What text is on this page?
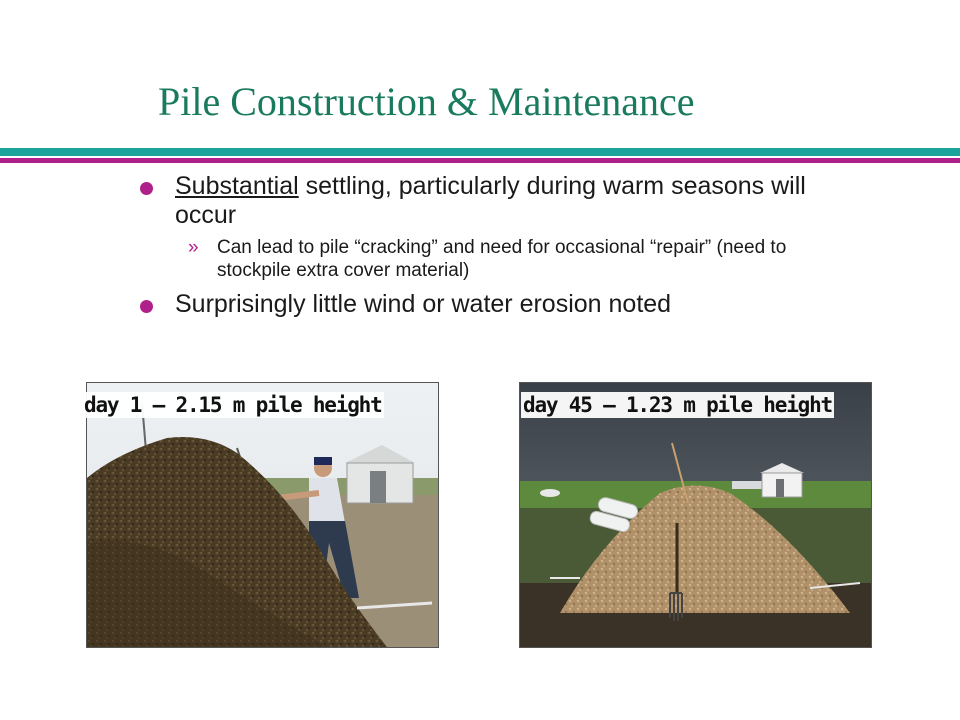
Pile Construction & Maintenance
Substantial settling, particularly during warm seasons will occur
» Can lead to pile “cracking” and need for occasional “repair” (need to stockpile extra cover material)
Surprisingly little wind or water erosion noted
day 1 – 2.15 m pile height	day 45 – 1.23 m pile height
